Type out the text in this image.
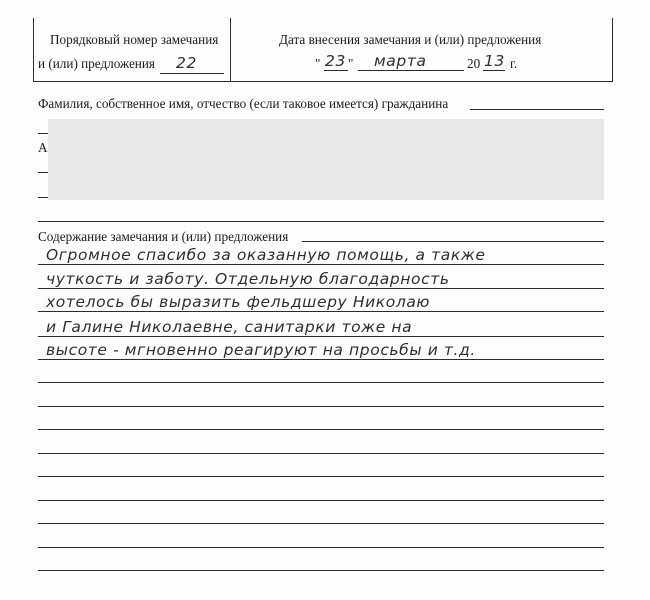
Порядковый номер замечания
и (или) предложения 22
Дата внесения замечания и (или) предложения
" 23 " марта	20 13 г.
Фамилия, собственное имя, отчество (если таковое имеется) гражданина
А
Содержание замечания и (или) предложения
Огромное спасибо за оказанную помощь, а также
чуткость и заботу. Отдельную благодарность
хотелось бы выразить фельдшеру Николаю
и Галине Николаевне, санитарки тоже на
высоте - мгновенно реагируют на просьбы и т.д.
